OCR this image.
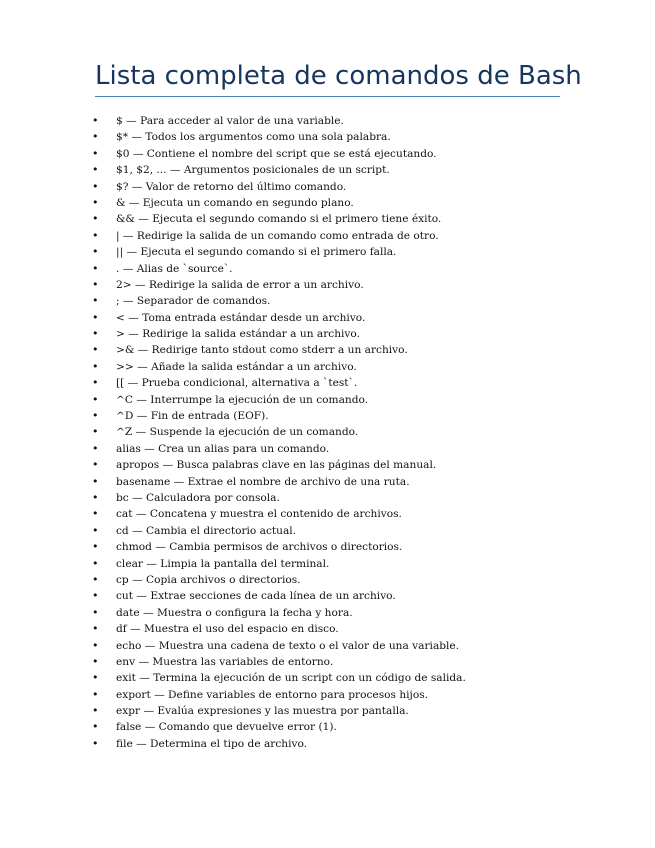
Lista completa de comandos de Bash
• $ — Para acceder al valor de una variable.
• $* — Todos los argumentos como una sola palabra.
• $0 — Contiene el nombre del script que se está ejecutando.
• $1, $2, ... — Argumentos posicionales de un script.
• $? — Valor de retorno del último comando.
• & — Ejecuta un comando en segundo plano.
• && — Ejecuta el segundo comando si el primero tiene éxito.
• | — Redirige la salida de un comando como entrada de otro.
• || — Ejecuta el segundo comando si el primero falla.
• . — Alias de `source`.
• 2> — Redirige la salida de error a un archivo.
• ; — Separador de comandos.
• < — Toma entrada estándar desde un archivo.
• > — Redirige la salida estándar a un archivo.
• >& — Redirige tanto stdout como stderr a un archivo.
• >> — Añade la salida estándar a un archivo.
• [[ — Prueba condicional, alternativa a `test`.
• ^C — Interrumpe la ejecución de un comando.
• ^D — Fin de entrada (EOF).
• ^Z — Suspende la ejecución de un comando.
• alias — Crea un alias para un comando.
• apropos — Busca palabras clave en las páginas del manual.
• basename — Extrae el nombre de archivo de una ruta.
• bc — Calculadora por consola.
• cat — Concatena y muestra el contenido de archivos.
• cd — Cambia el directorio actual.
• chmod — Cambia permisos de archivos o directorios.
• clear — Limpia la pantalla del terminal.
• cp — Copia archivos o directorios.
• cut — Extrae secciones de cada línea de un archivo.
• date — Muestra o configura la fecha y hora.
• df — Muestra el uso del espacio en disco.
• echo — Muestra una cadena de texto o el valor de una variable.
• env — Muestra las variables de entorno.
• exit — Termina la ejecución de un script con un código de salida.
• export — Define variables de entorno para procesos hijos.
• expr — Evalúa expresiones y las muestra por pantalla.
• false — Comando que devuelve error (1).
• file — Determina el tipo de archivo.
